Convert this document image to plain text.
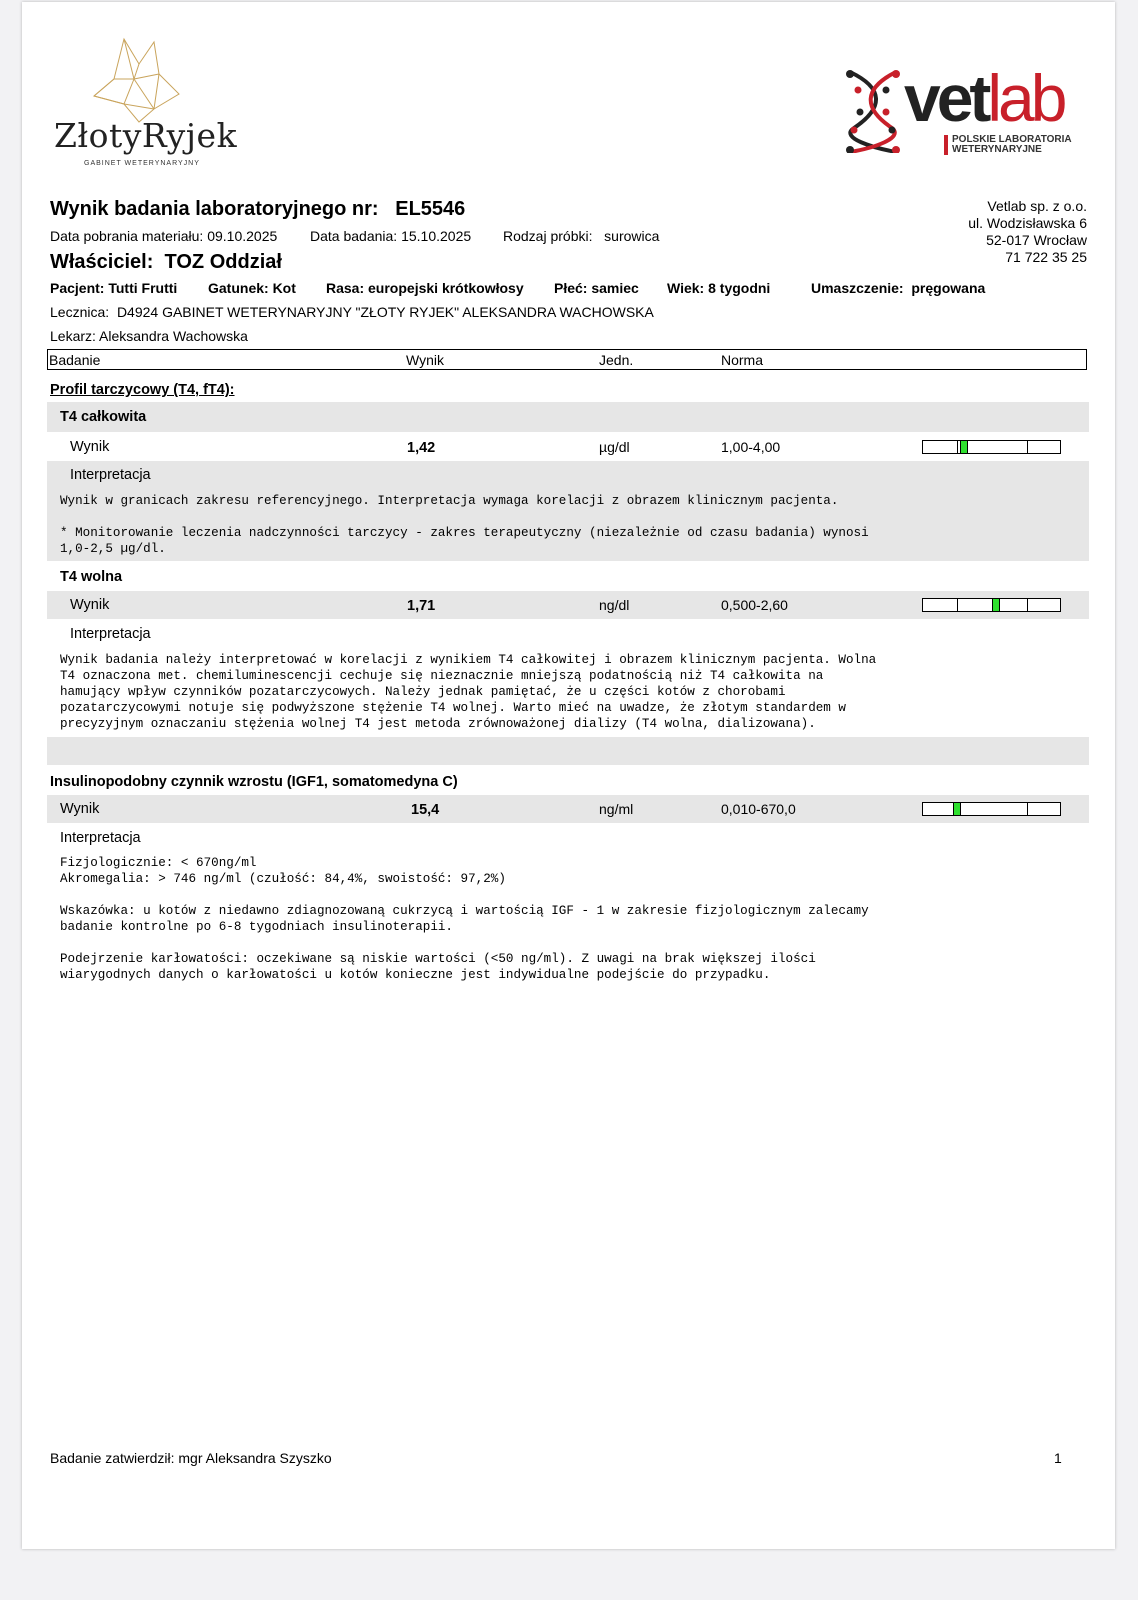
ZłotyRyjek
GABINET WETERYNARYJNY
vetlab
POLSKIE LABORATORIA
WETERYNARYJNE
Vetlab sp. z o.o.
ul. Wodzisławska 6
52-017 Wrocław
71 722 35 25
Wynik badania laboratoryjnego nr: EL5546
Data pobrania materiału: 09.10.2025 Data badania: 15.10.2025 Rodzaj próbki: surowica
Właściciel: TOZ Oddział
Pacjent: Tutti Frutti Gatunek: Kot Rasa: europejski krótkowłosy Płeć: samiec Wiek: 8 tygodni	Umaszczenie: pręgowana
Lecznica: D4924 GABINET WETERYNARYJNY "ZŁOTY RYJEK" ALEKSANDRA WACHOWSKA
Lekarz: Aleksandra Wachowska
Badanie	Wynik	Jedn.	Norma
Profil tarczycowy (T4, fT4):
T4 całkowita
Wynik	1,42	µg/dl	1,00-4,00
Interpretacja
Wynik w granicach zakresu referencyjnego. Interpretacja wymaga korelacji z obrazem klinicznym pacjenta.

* Monitorowanie leczenia nadczynności tarczycy - zakres terapeutyczny (niezależnie od czasu badania) wynosi
1,0-2,5 µg/dl.
T4 wolna
Wynik	1,71	ng/dl	0,500-2,60
Interpretacja
Wynik badania należy interpretować w korelacji z wynikiem T4 całkowitej i obrazem klinicznym pacjenta. Wolna
T4 oznaczona met. chemiluminescencji cechuje się nieznacznie mniejszą podatnością niż T4 całkowita na
hamujący wpływ czynników pozatarczycowych. Należy jednak pamiętać, że u części kotów z chorobami
pozatarczycowymi notuje się podwyższone stężenie T4 wolnej. Warto mieć na uwadze, że złotym standardem w
precyzyjnym oznaczaniu stężenia wolnej T4 jest metoda zrównoważonej dializy (T4 wolna, dializowana).
Insulinopodobny czynnik wzrostu (IGF1, somatomedyna C)
Wynik	15,4	ng/ml	0,010-670,0
Interpretacja
Fizjologicznie: < 670ng/ml
Akromegalia: > 746 ng/ml (czułość: 84,4%, swoistość: 97,2%)

Wskazówka: u kotów z niedawno zdiagnozowaną cukrzycą i wartością IGF - 1 w zakresie fizjologicznym zalecamy
badanie kontrolne po 6-8 tygodniach insulinoterapii.

Podejrzenie karłowatości: oczekiwane są niskie wartości (<50 ng/ml). Z uwagi na brak większej ilości
wiarygodnych danych o karłowatości u kotów konieczne jest indywidualne podejście do przypadku.
Badanie zatwierdził: mgr Aleksandra Szyszko	1
